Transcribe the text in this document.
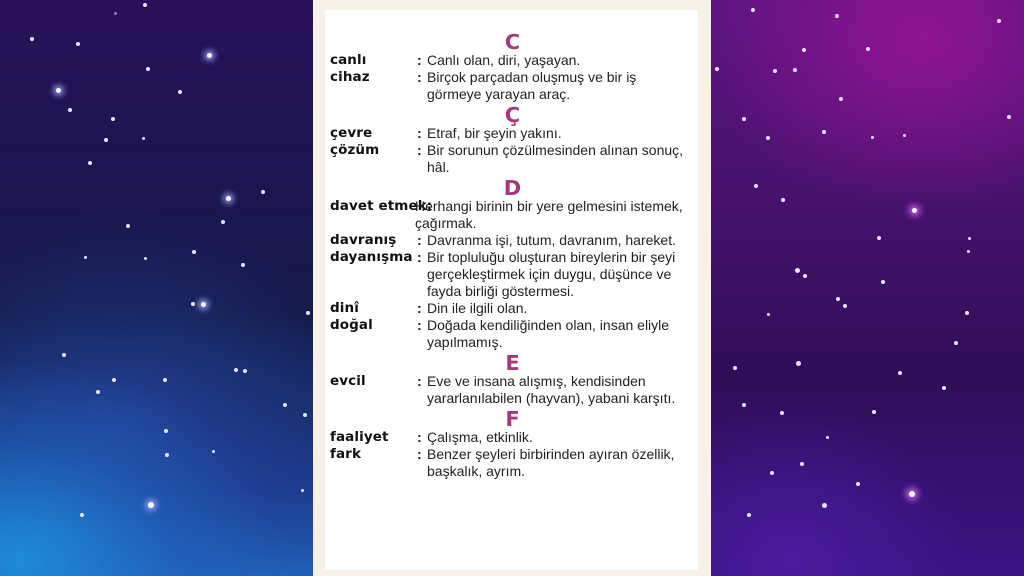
C
canlı	: Canlı olan, diri, yaşayan.
cihaz	: Birçok parçadan oluşmuş ve bir iş görmeye yarayan araç.
Ç
çevre	: Etraf, bir şeyin yakını.
çözüm	: Bir sorunun çözülmesinden alınan sonuç, hâl.
D
davet etmek:
Herhangi birinin bir yere gelmesini istemek, çağırmak.
davranış	: Davranma işi, tutum, davranım, hareket.
dayanışma : Bir topluluğu oluşturan bireylerin bir şeyi gerçekleştirmek için duygu, düşünce ve fayda birliği göstermesi.
dinî	: Din ile ilgili olan.
doğal	: Doğada kendiliğinden olan, insan eliyle yapılmamış.
E
evcil	: Eve ve insana alışmış, kendisinden yararlanılabilen (hayvan), yabani karşıtı.
F
faaliyet	: Çalışma, etkinlik.
fark	: Benzer şeyleri birbirinden ayıran özellik, başkalık, ayrım.
